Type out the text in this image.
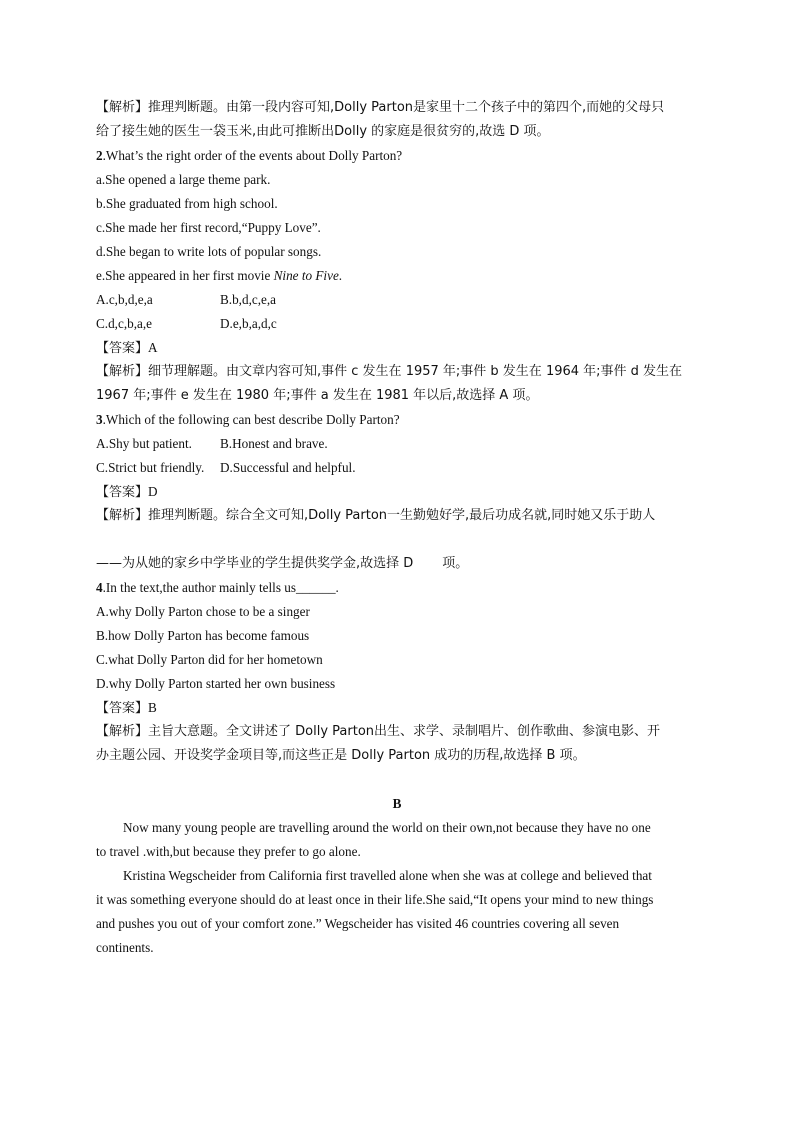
【解析】推理判断题。由第一段内容可知,Dolly Parton是家里十二个孩子中的第四个,而她的父母只
给了接生她的医生一袋玉米,由此可推断出Dolly 的家庭是很贫穷的,故选 D 项。
2.What’s the right order of the events about Dolly Parton?
a.She opened a large theme park.
b.She graduated from high school.
c.She made her first record,“Puppy Love”.
d.She began to write lots of popular songs.
e.She appeared in her first movie Nine to Five.
A.c,b,d,e,a	B.b,d,c,e,a
C.d,c,b,a,e	D.e,b,a,d,c
【答案】A
【解析】细节理解题。由文章内容可知,事件 c 发生在 1957 年;事件 b 发生在 1964 年;事件 d 发生在
1967 年;事件 e 发生在 1980 年;事件 a 发生在 1981 年以后,故选择 A 项。
3.Which of the following can best describe Dolly Parton?
A.Shy but patient.	B.Honest and brave.
C.Strict but friendly.	D.Successful and helpful.
【答案】D
【解析】推理判断题。综合全文可知,Dolly Parton一生勤勉好学,最后功成名就,同时她又乐于助人
——为从她的家乡中学毕业的学生提供奖学金,故选择 D       项。
4.In the text,the author mainly tells us______.
A.why Dolly Parton chose to be a singer
B.how Dolly Parton has become famous
C.what Dolly Parton did for her hometown
D.why Dolly Parton started her own business
【答案】B
【解析】主旨大意题。全文讲述了 Dolly Parton出生、求学、录制唱片、创作歌曲、参演电影、开
办主题公园、开设奖学金项目等,而这些正是 Dolly Parton 成功的历程,故选择 B 项。
B
Now many young people are travelling around the world on their own,not because they have no one
to travel .with,but because they prefer to go alone.
Kristina Wegscheider from California first travelled alone when she was at college and believed that
it was something everyone should do at least once in their life.She said,“It opens your mind to new things
and pushes you out of your comfort zone.” Wegscheider has visited 46 countries covering all seven
continents.
